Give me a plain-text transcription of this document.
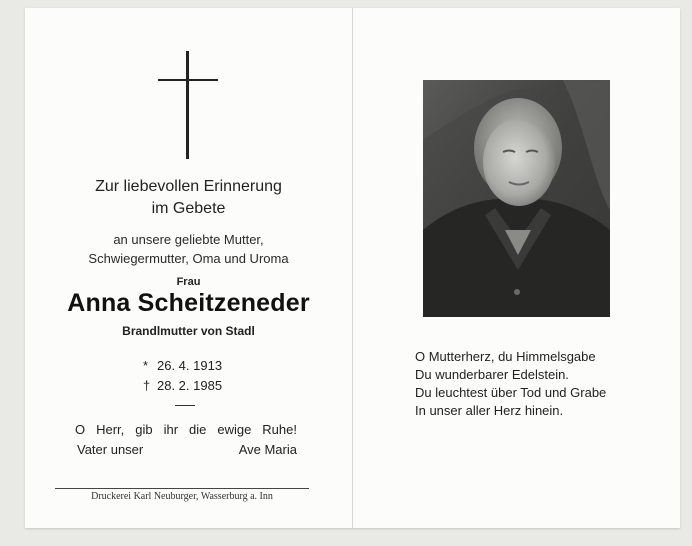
Zur liebevollen Erinnerung
im Gebete
an unsere geliebte Mutter,
Schwiegermutter, Oma und Uroma
Frau
Anna Scheitzeneder
Brandlmutter von Stadl
* 26. 4. 1913
† 28. 2. 1985
O Herr, gib ihr die ewige Ruhe!
Vater unser	Ave Maria
Druckerei Karl Neuburger, Wasserburg a. Inn
O Mutterherz, du Himmelsgabe
Du wunderbarer Edelstein.
Du leuchtest über Tod und Grabe
In unser aller Herz hinein.
